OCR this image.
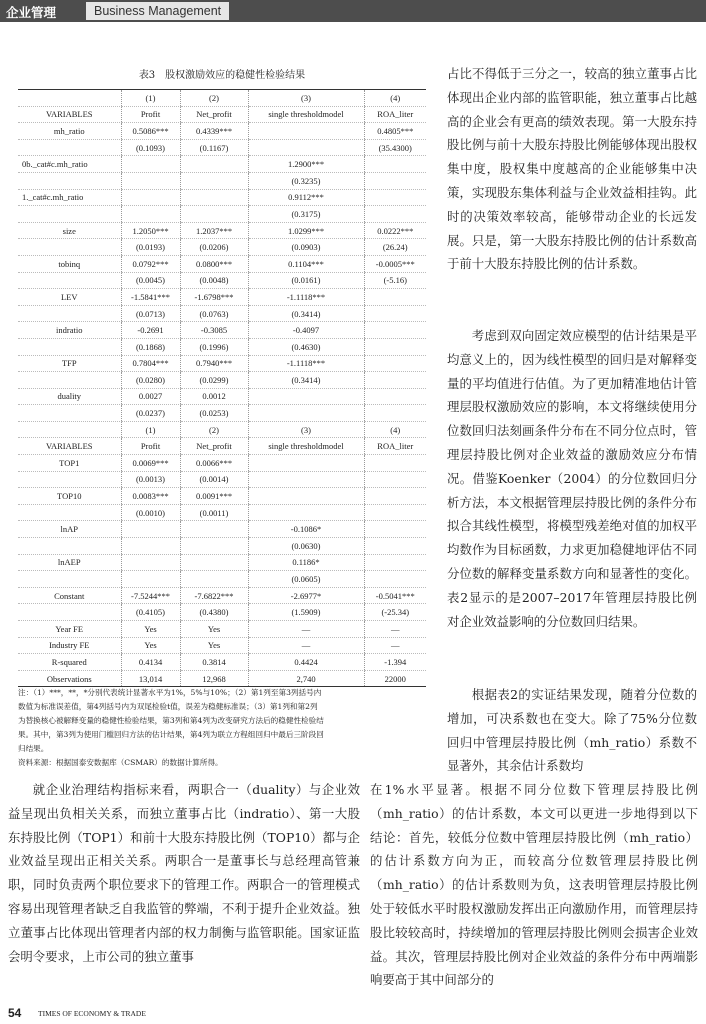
企业管理	Business Management
表3　股权激励效应的稳健性检验结果
	(1)	(2)	(3)	(4)
VARIABLES	Profit	Net_profit	single thresholdmodel	ROA_liter
mh_ratio	0.5086***	0.4339***		0.4805***
	(0.1093)	(0.1167)		(35.4300)
0b._cat#c.mh_ratio			1.2900***	
			(0.3235)	
1._cat#c.mh_ratio			0.9112***	
			(0.3175)	
size	1.2050***	1.2037***	1.0299***	0.0222***
	(0.0193)	(0.0206)	(0.0903)	(26.24)
tobinq	0.0792***	0.0800***	0.1104***	-0.0005***
	(0.0045)	(0.0048)	(0.0161)	(-5.16)
LEV	-1.5841***	-1.6798***	-1.1118***	
	(0.0713)	(0.0763)	(0.3414)	
indratio	-0.2691	-0.3085	-0.4097	
	(0.1868)	(0.1996)	(0.4630)	
TFP	0.7804***	0.7940***	-1.1118***	
	(0.0280)	(0.0299)	(0.3414)	
duality	0.0027	0.0012		
	(0.0237)	(0.0253)		
	(1)	(2)	(3)	(4)
VARIABLES	Profit	Net_profit	single thresholdmodel	ROA_liter
TOP1	0.0069***	0.0066***		
	(0.0013)	(0.0014)		
TOP10	0.0083***	0.0091***		
	(0.0010)	(0.0011)		
lnAP			-0.1086*	
			(0.0630)	
lnAEP			0.1186*	
			(0.0605)	
Constant	-7.5244***	-7.6822***	-2.6977*	-0.5041***
	(0.4105)	(0.4380)	(1.5909)	(-25.34)
Year FE	Yes	Yes	—	—
Industry FE	Yes	Yes	—	—
R-squared	0.4134	0.3814	0.4424	-1.394
Observations	13,014	12,968	2,740	22000
注：（1）***，**，*分别代表统计显著水平为1%，5%与10%；（2）第1列至第3列括号内
数值为标准误差值，第4列括号内为双尾检验t值，误差为稳健标准误；（3）第1列和第2列
为替换核心被解释变量的稳健性检验结果，第3列和第4列为改变研究方法后的稳健性检验结
果。其中，第3列为使用门槛回归方法的估计结果，第4列为联立方程组回归中最后三阶段回
归结果。
资料来源：根据国泰安数据库（CSMAR）的数据计算所得。

占比不得低于三分之一，较高的独立董事占比体现出企业内部的监管职能，独立董事占比越高的企业会有更高的绩效表现。第一大股东持股比例与前十大股东持股比例能够体现出股权集中度，股权集中度越高的企业能够集中决策，实现股东集体利益与企业效益相挂钩。此时的决策效率较高，能够带动企业的长远发展。只是，第一大股东持股比例的估计系数高于前十大股东持股比例的估计系数。

考虑到双向固定效应模型的估计结果是平均意义上的，因为线性模型的回归是对解释变量的平均值进行估值。为了更加精准地估计管理层股权激励效应的影响，本文将继续使用分位数回归法刻画条件分布在不同分位点时，管理层持股比例对企业效益的激励效应分布情况。借鉴Koenker（2004）的分位数回归分析方法，本文根据管理层持股比例的条件分布拟合其线性模型，将模型残差绝对值的加权平均数作为目标函数，力求更加稳健地评估不同分位数的解释变量系数方向和显著性的变化。表2显示的是2007–2017年管理层持股比例对企业效益影响的分位数回归结果。

根据表2的实证结果发现，随着分位数的增加，可决系数也在变大。除了75%分位数回归中管理层持股比例（mh_ratio）系数不显著外，其余估计系数均

就企业治理结构指标来看，两职合一（duality）与企业效益呈现出负相关关系，而独立董事占比（indratio）、第一大股东持股比例（TOP1）和前十大股东持股比例（TOP10）都与企业效益呈现出正相关关系。两职合一是董事长与总经理高管兼职，同时负责两个职位要求下的管理工作。两职合一的管理模式容易出现管理者缺乏自我监管的弊端，不利于提升企业效益。独立董事占比体现出管理者内部的权力制衡与监管职能。国家证监会明令要求，上市公司的独立董事

在1%水平显著。根据不同分位数下管理层持股比例（mh_ratio）的估计系数，本文可以更进一步地得到以下结论：首先，较低分位数中管理层持股比例（mh_ratio）的估计系数方向为正，而较高分位数管理层持股比例（mh_ratio）的估计系数则为负，这表明管理层持股比例处于较低水平时股权激励发挥出正向激励作用，而管理层持股比较较高时，持续增加的管理层持股比例则会损害企业效益。其次，管理层持股比例对企业效益的条件分布中两端影响要高于其中间部分的

54 TIMES OF ECONOMY & TRADE
